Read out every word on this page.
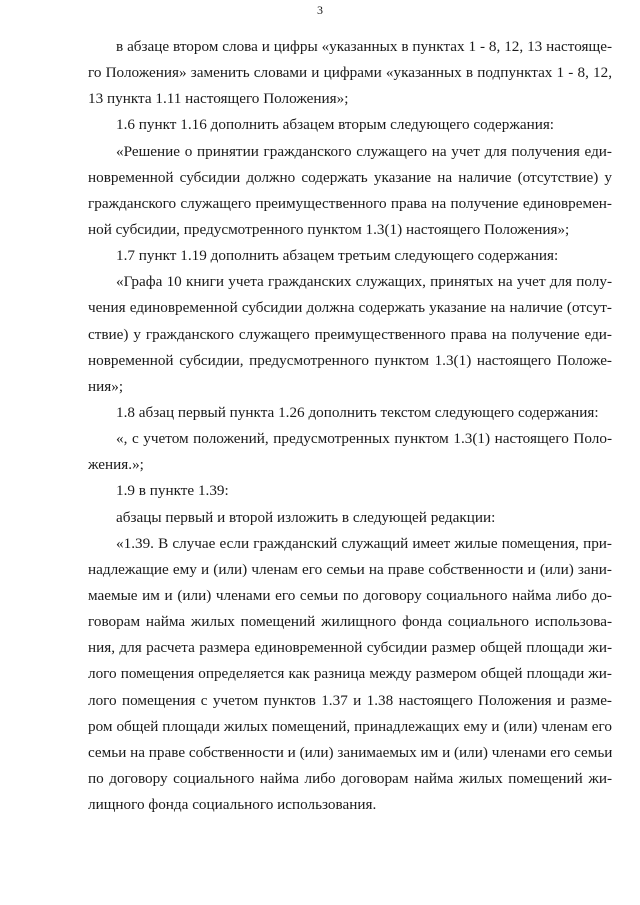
3
в абзаце втором слова и цифры «указанных в пунктах 1 - 8, 12, 13 настояще-
го Положения» заменить словами и цифрами «указанных в подпунктах 1 - 8, 12,
13 пункта 1.11 настоящего Положения»;
1.6 пункт 1.16 дополнить абзацем вторым следующего содержания:
«Решение о принятии гражданского служащего на учет для получения еди-
новременной субсидии должно содержать указание на наличие (отсутствие) у
гражданского служащего преимущественного права на получение единовремен-
ной субсидии, предусмотренного пунктом 1.3(1) настоящего Положения»;
1.7 пункт 1.19 дополнить абзацем третьим следующего содержания:
«Графа 10 книги учета гражданских служащих, принятых на учет для полу-
чения единовременной субсидии должна содержать указание на наличие (отсут-
ствие) у гражданского служащего преимущественного права на получение еди-
новременной субсидии, предусмотренного пунктом 1.3(1) настоящего Положе-
ния»;
1.8 абзац первый пункта 1.26 дополнить текстом следующего содержания:
«, с учетом положений, предусмотренных пунктом 1.3(1) настоящего Поло-
жения.»;
1.9 в пункте 1.39:
абзацы первый и второй изложить в следующей редакции:
«1.39. В случае если гражданский служащий имеет жилые помещения, при-
надлежащие ему и (или) членам его семьи на праве собственности и (или) зани-
маемые им и (или) членами его семьи по договору социального найма либо до-
говорам найма жилых помещений жилищного фонда социального использова-
ния, для расчета размера единовременной субсидии размер общей площади жи-
лого помещения определяется как разница между размером общей площади жи-
лого помещения с учетом пунктов 1.37 и 1.38 настоящего Положения и разме-
ром общей площади жилых помещений, принадлежащих ему и (или) членам его
семьи на праве собственности и (или) занимаемых им и (или) членами его семьи
по договору социального найма либо договорам найма жилых помещений жи-
лищного фонда социального использования.
